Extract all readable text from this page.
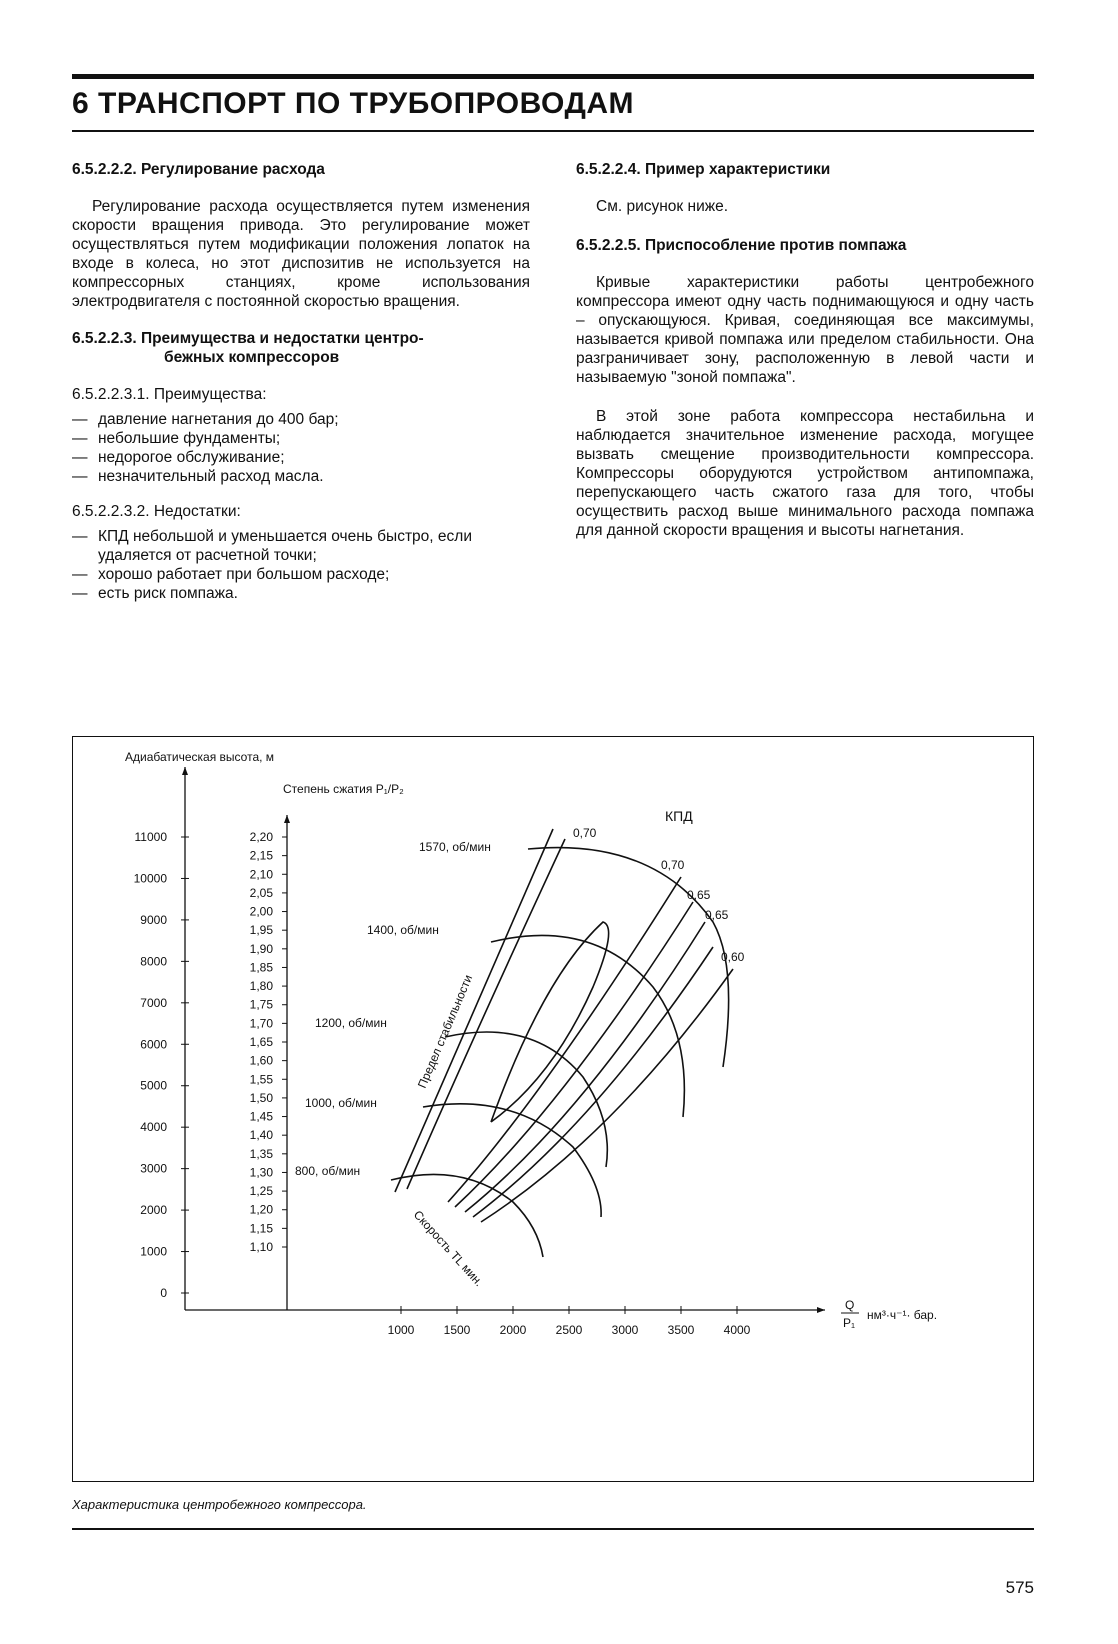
6 ТРАНСПОРТ ПО ТРУБОПРОВОДАМ
6.5.2.2.2. Регулирование расхода

Регулирование расхода осуществляется путем изменения скорости вращения привода. Это регулирование может осуществляться путем модификации положения лопаток на входе в колеса, но этот диспозитив не используется на компрессорных станциях, кроме использования электродвигателя с постоянной скоростью вращения.

6.5.2.2.3. Преимущества и недостатки центро-
бежных компрессоров
6.5.2.2.3.1. Преимущества:
— давление нагнетания до 400 бар;
— небольшие фундаменты;
— недорогое обслуживание;
— незначительный расход масла.
6.5.2.2.3.2. Недостатки:
— КПД небольшой и уменьшается очень быстро, если удаляется от расчетной точки;
— хорошо работает при большом расходе;
— есть риск помпажа.
6.5.2.2.4. Пример характеристики

См. рисунок ниже.

6.5.2.2.5. Приспособление против помпажа

Кривые характеристики работы центробежного компрессора имеют одну часть поднимающуюся и одну часть – опускающуюся. Кривая, соединяющая все максимумы, называется кривой помпажа или пределом стабильности. Она разграничивает зону, расположенную в левой части и называемую "зоной помпажа".

В этой зоне работа компрессора нестабильна и наблюдается значительное изменение расхода, могущее вызвать смещение производительности компрессора. Компрессоры оборудуются устройством антипомпажа, перепускающего часть сжатого газа для того, чтобы осуществить расход выше минимального расхода помпажа для данной скорости вращения и высоты нагнетания.

11000
10000
9000
8000
7000
6000
5000
4000
3000
2000
1000
0
2,20
2,15
2,10
2,05
2,00
1,95
1,90
1,85
1,80
1,75
1,70
1,65
1,60
1,55
1,50
1,45
1,40
1,35
1,30
1,25
1,20
1,15
1,10
1000 1500 2000 2500 3000 3500 4000
Адиабатическая высота, м
Степень сжатия P₁/P₂
КПД
0,70
0,70
0,65
0,65
0,60
1570, об/мин
1400, об/мин
1200, об/мин
1000, об/мин
800, об/мин
Предел стабильности
Скорость TL мин.
Q
P₁
нм³·ч⁻¹· бар.
Характеристика центробежного компрессора.
575
